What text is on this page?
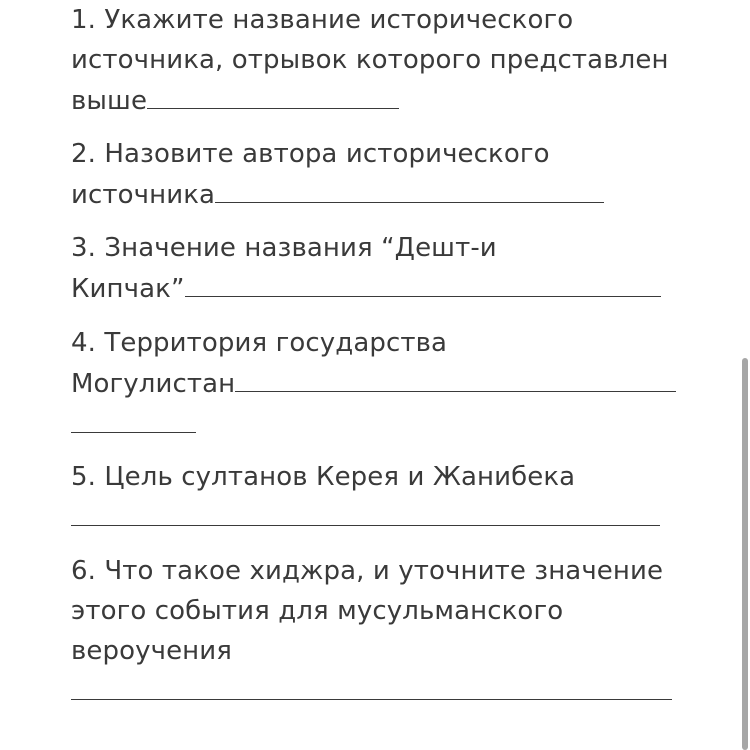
1. Укажите название исторического

источника, отрывок которого представлен

выше

2. Назовите автора исторического

источника

3. Значение названия “Дешт-и

Кипчак”

4. Территория государства

Могулистан

5. Цель султанов Керея и Жанибека

6. Что такое хиджра, и уточните значение

этого события для мусульманского

вероучения
